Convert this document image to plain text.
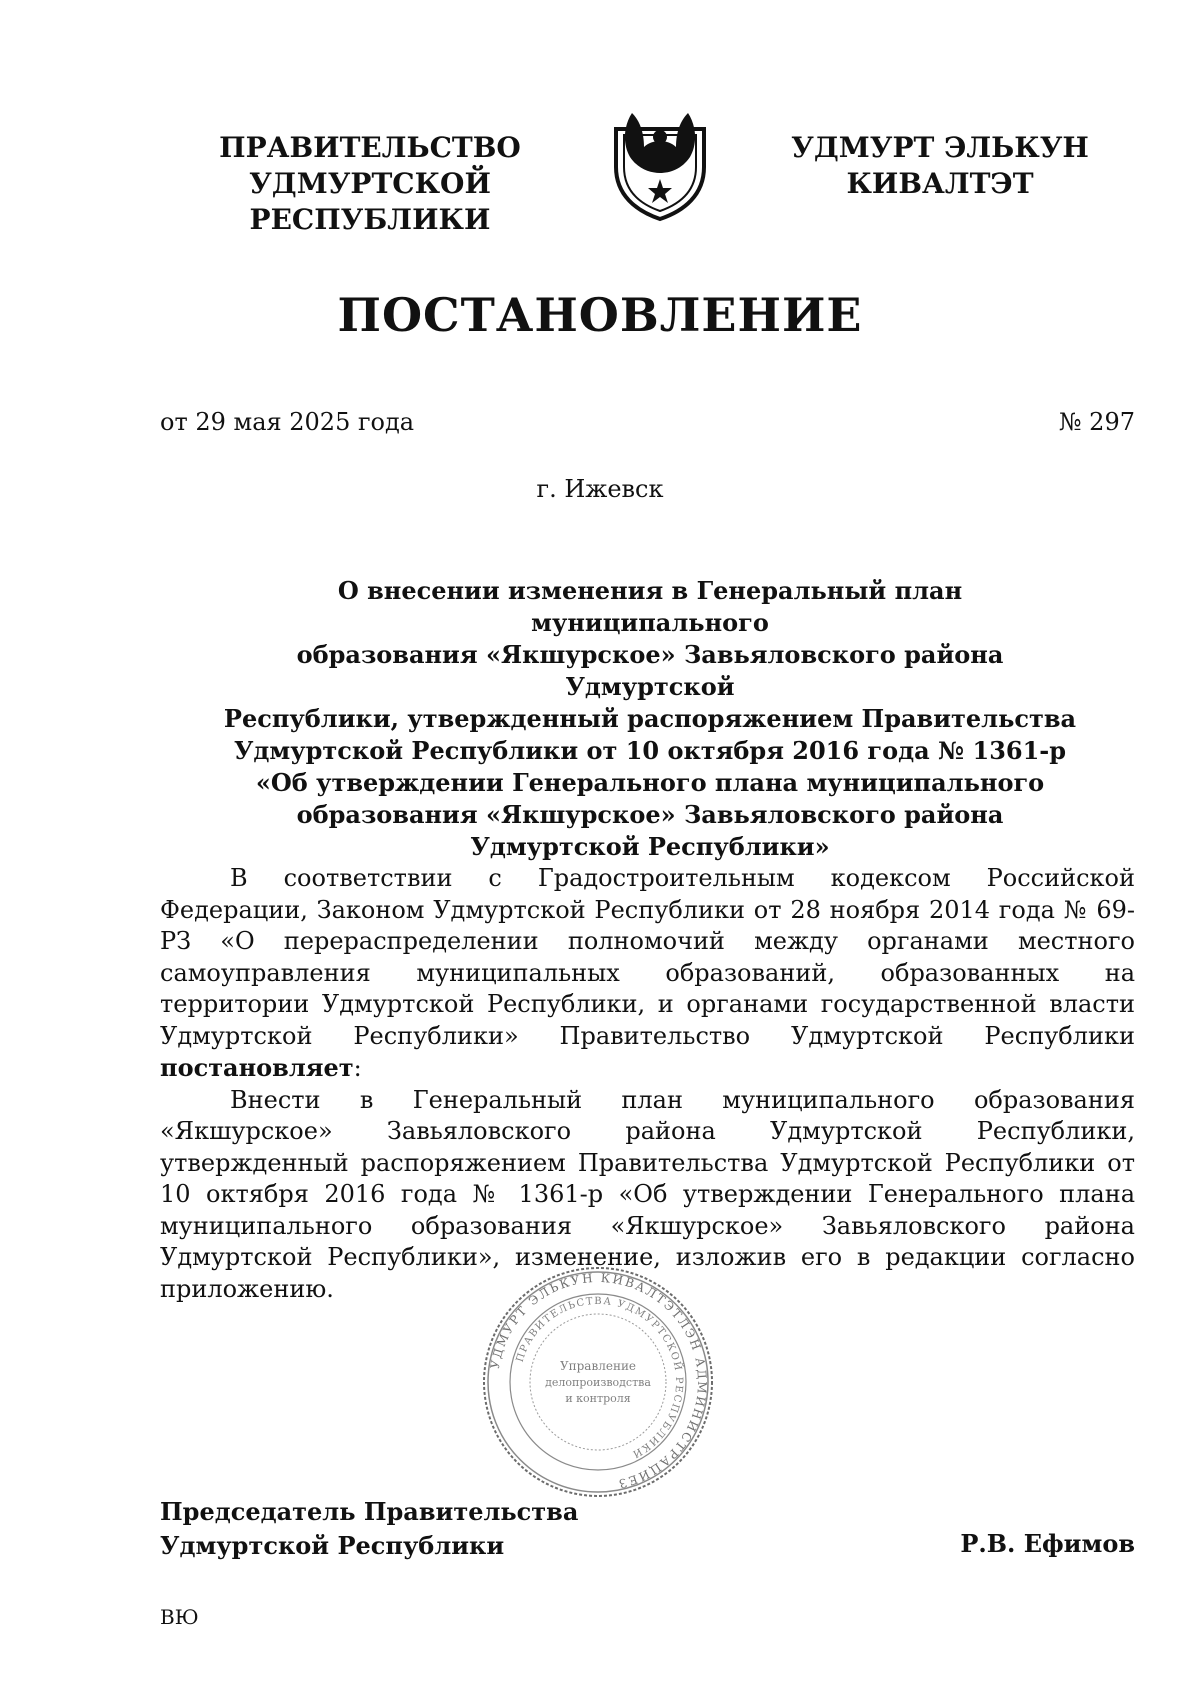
ПРАВИТЕЛЬСТВО
УДМУРТСКОЙ РЕСПУБЛИКИ
УДМУРТ ЭЛЬКУН
КИВАЛТЭТ
ПОСТАНОВЛЕНИЕ
от 29 мая 2025 года	№ 297
г. Ижевск
О внесении изменения в Генеральный план муниципального
образования «Якшурское» Завьяловского района Удмуртской
Республики, утвержденный распоряжением Правительства
Удмуртской Республики от 10 октября 2016 года № 1361-р
«Об утверждении Генерального плана муниципального
образования «Якшурское» Завьяловского района
Удмуртской Республики»

В соответствии с Градостроительным кодексом Российской Федерации, Законом Удмуртской Республики от 28 ноября 2014 года № 69-РЗ «О перераспределении полномочий между органами местного самоуправления муниципальных образований, образованных на территории Удмуртской Республики, и органами государственной власти Удмуртской Республики» Правительство Удмуртской Республики постановляет:

Внести в Генеральный план муниципального образования «Якшурское» Завьяловского района Удмуртской Республики, утвержденный распоряжением Правительства Удмуртской Республики от 10 октября 2016 года № 1361-р «Об утверждении Генерального плана муниципального образования «Якшурское» Завьяловского района Удмуртской Республики», изменение, изложив его в редакции согласно приложению.

УДМУРТ ЭЛЬКУН КИВАЛТЭТЛЭН АДМИНИСТРАЦИЕЗ
ПРАВИТЕЛЬСТВА УДМУРТСКОЙ РЕСПУБЛИКИ
Управление
делопроизводства
и контроля
Председатель Правительства
Удмуртской Республики	Р.В. Ефимов
ВЮ
